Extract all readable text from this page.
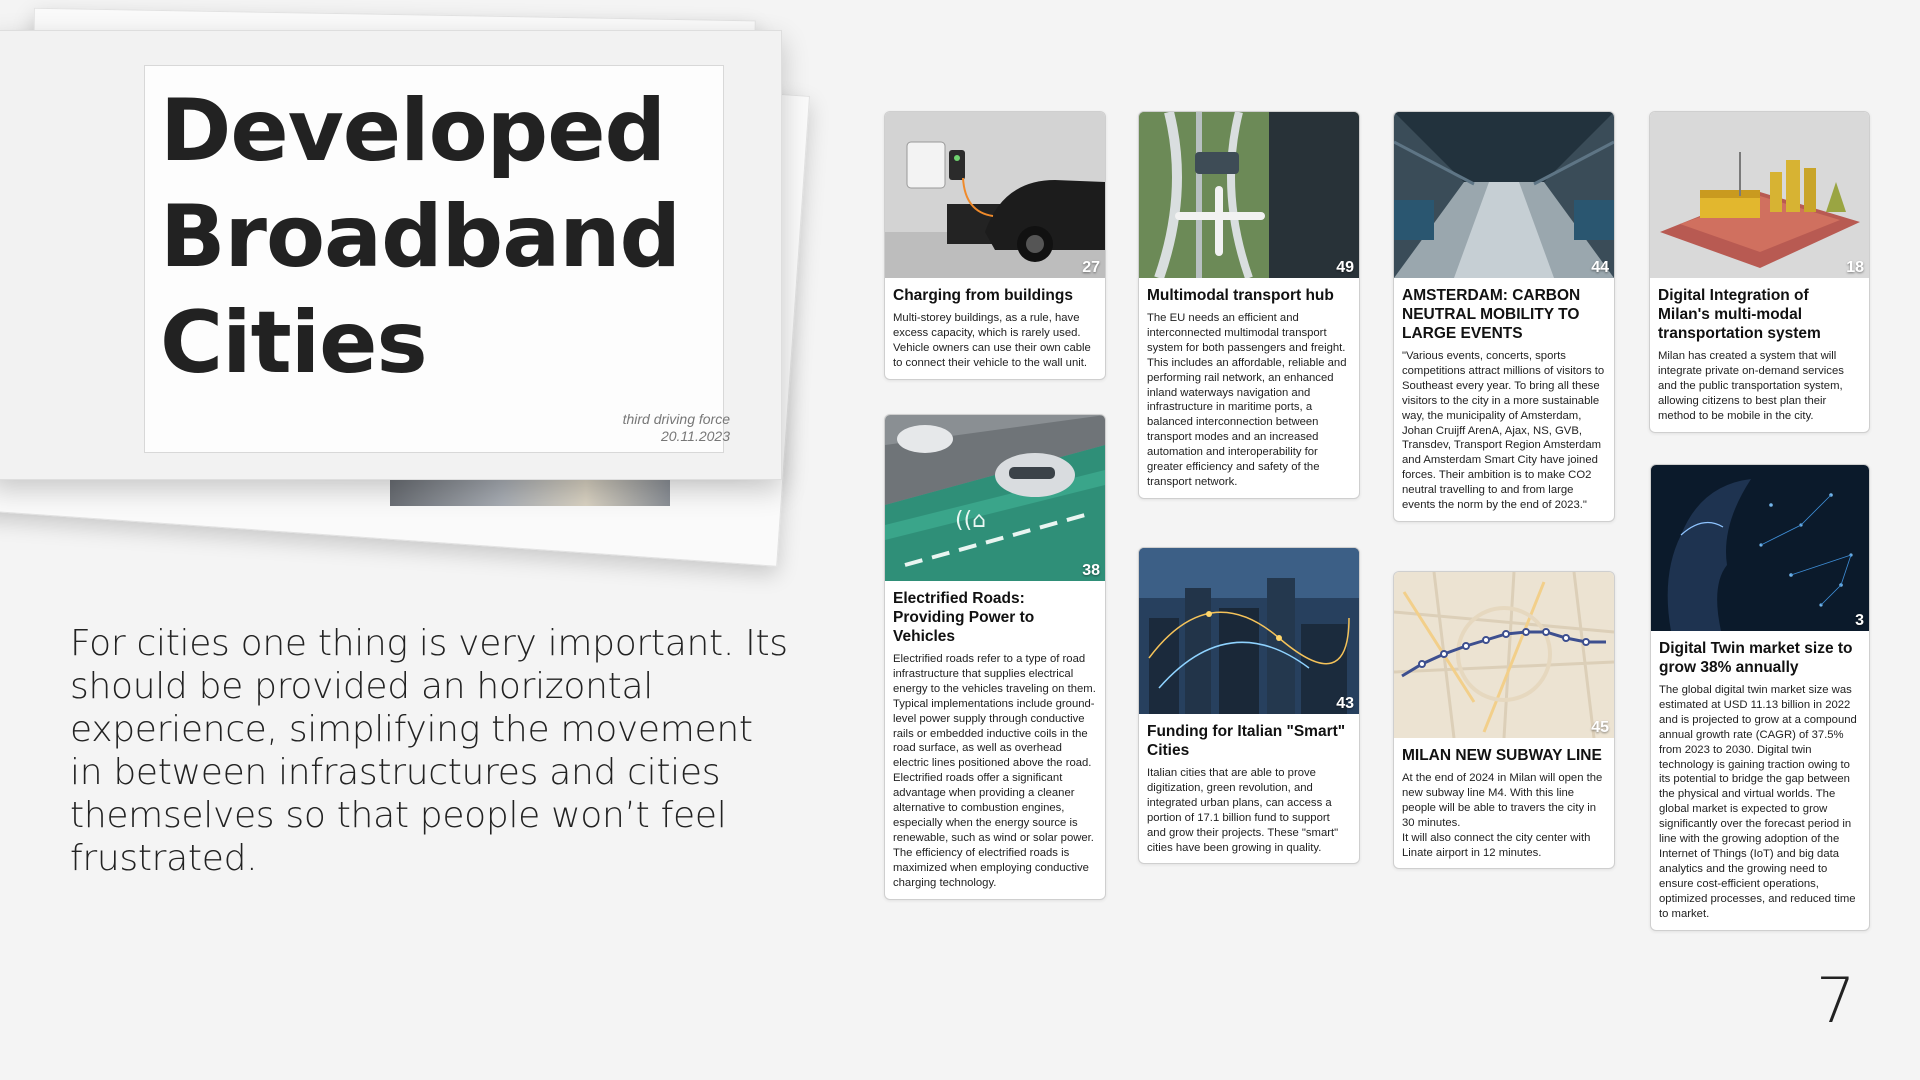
Developed
Broadband
Cities
third driving force
20.11.2023

For cities one thing is very important. Its should be provided an horizontal experience, simplifying the movement in between infrastructures and cities themselves so that people won’t feel frustrated.

27
Charging from buildings

Multi-storey buildings, as a rule, have excess capacity, which is rarely used. Vehicle owners can use their own cable to connect their vehicle to the wall unit.

((⌂
38
Electrified Roads: Providing Power to Vehicles

Electrified roads refer to a type of road infrastructure that supplies electrical energy to the vehicles traveling on them. Typical implementations include ground-level power supply through conductive rails or embedded inductive coils in the road surface, as well as overhead electric lines positioned above the road.
Electrified roads offer a significant advantage when providing a cleaner alternative to combustion engines, especially when the energy source is renewable, such as wind or solar power. The efficiency of electrified roads is maximized when employing conductive charging technology.

49
Multimodal transport hub

The EU needs an efficient and interconnected multimodal transport system for both passengers and freight. This includes an affordable, reliable and performing rail network, an enhanced inland waterways navigation and infrastructure in maritime ports, a balanced interconnection between transport modes and an increased automation and interoperability for greater efficiency and safety of the transport network.

43
Funding for Italian "Smart" Cities

Italian cities that are able to prove digitization, green revolution, and integrated urban plans, can access a portion of 17.1 billion fund to support and grow their projects. These "smart" cities have been growing in quality.

44
AMSTERDAM: CARBON NEUTRAL MOBILITY TO LARGE EVENTS

"Various events, concerts, sports competitions attract millions of visitors to Southeast every year. To bring all these visitors to the city in a more sustainable way, the municipality of Amsterdam, Johan Cruijff ArenA, Ajax, NS, GVB, Transdev, Transport Region Amsterdam and Amsterdam Smart City have joined forces. Their ambition is to make CO2 neutral travelling to and from large events the norm by the end of 2023."

45
MILAN NEW SUBWAY LINE

At the end of 2024 in Milan will open the new subway line M4. With this line people will be able to travers the city in 30 minutes.
It will also connect the city center with Linate airport in 12 minutes.

18
Digital Integration of Milan's multi-modal transportation system

Milan has created a system that will integrate private on-demand services and the public transportation system, allowing citizens to best plan their method to be mobile in the city.

3
Digital Twin market size to grow 38% annually

The global digital twin market size was estimated at USD 11.13 billion in 2022 and is projected to grow at a compound annual growth rate (CAGR) of 37.5% from 2023 to 2030. Digital twin technology is gaining traction owing to its potential to bridge the gap between the physical and virtual worlds. The global market is expected to grow significantly over the forecast period in line with the growing adoption of the Internet of Things (IoT) and big data analytics and the growing need to ensure cost-efficient operations, optimized processes, and reduced time to market.

7
